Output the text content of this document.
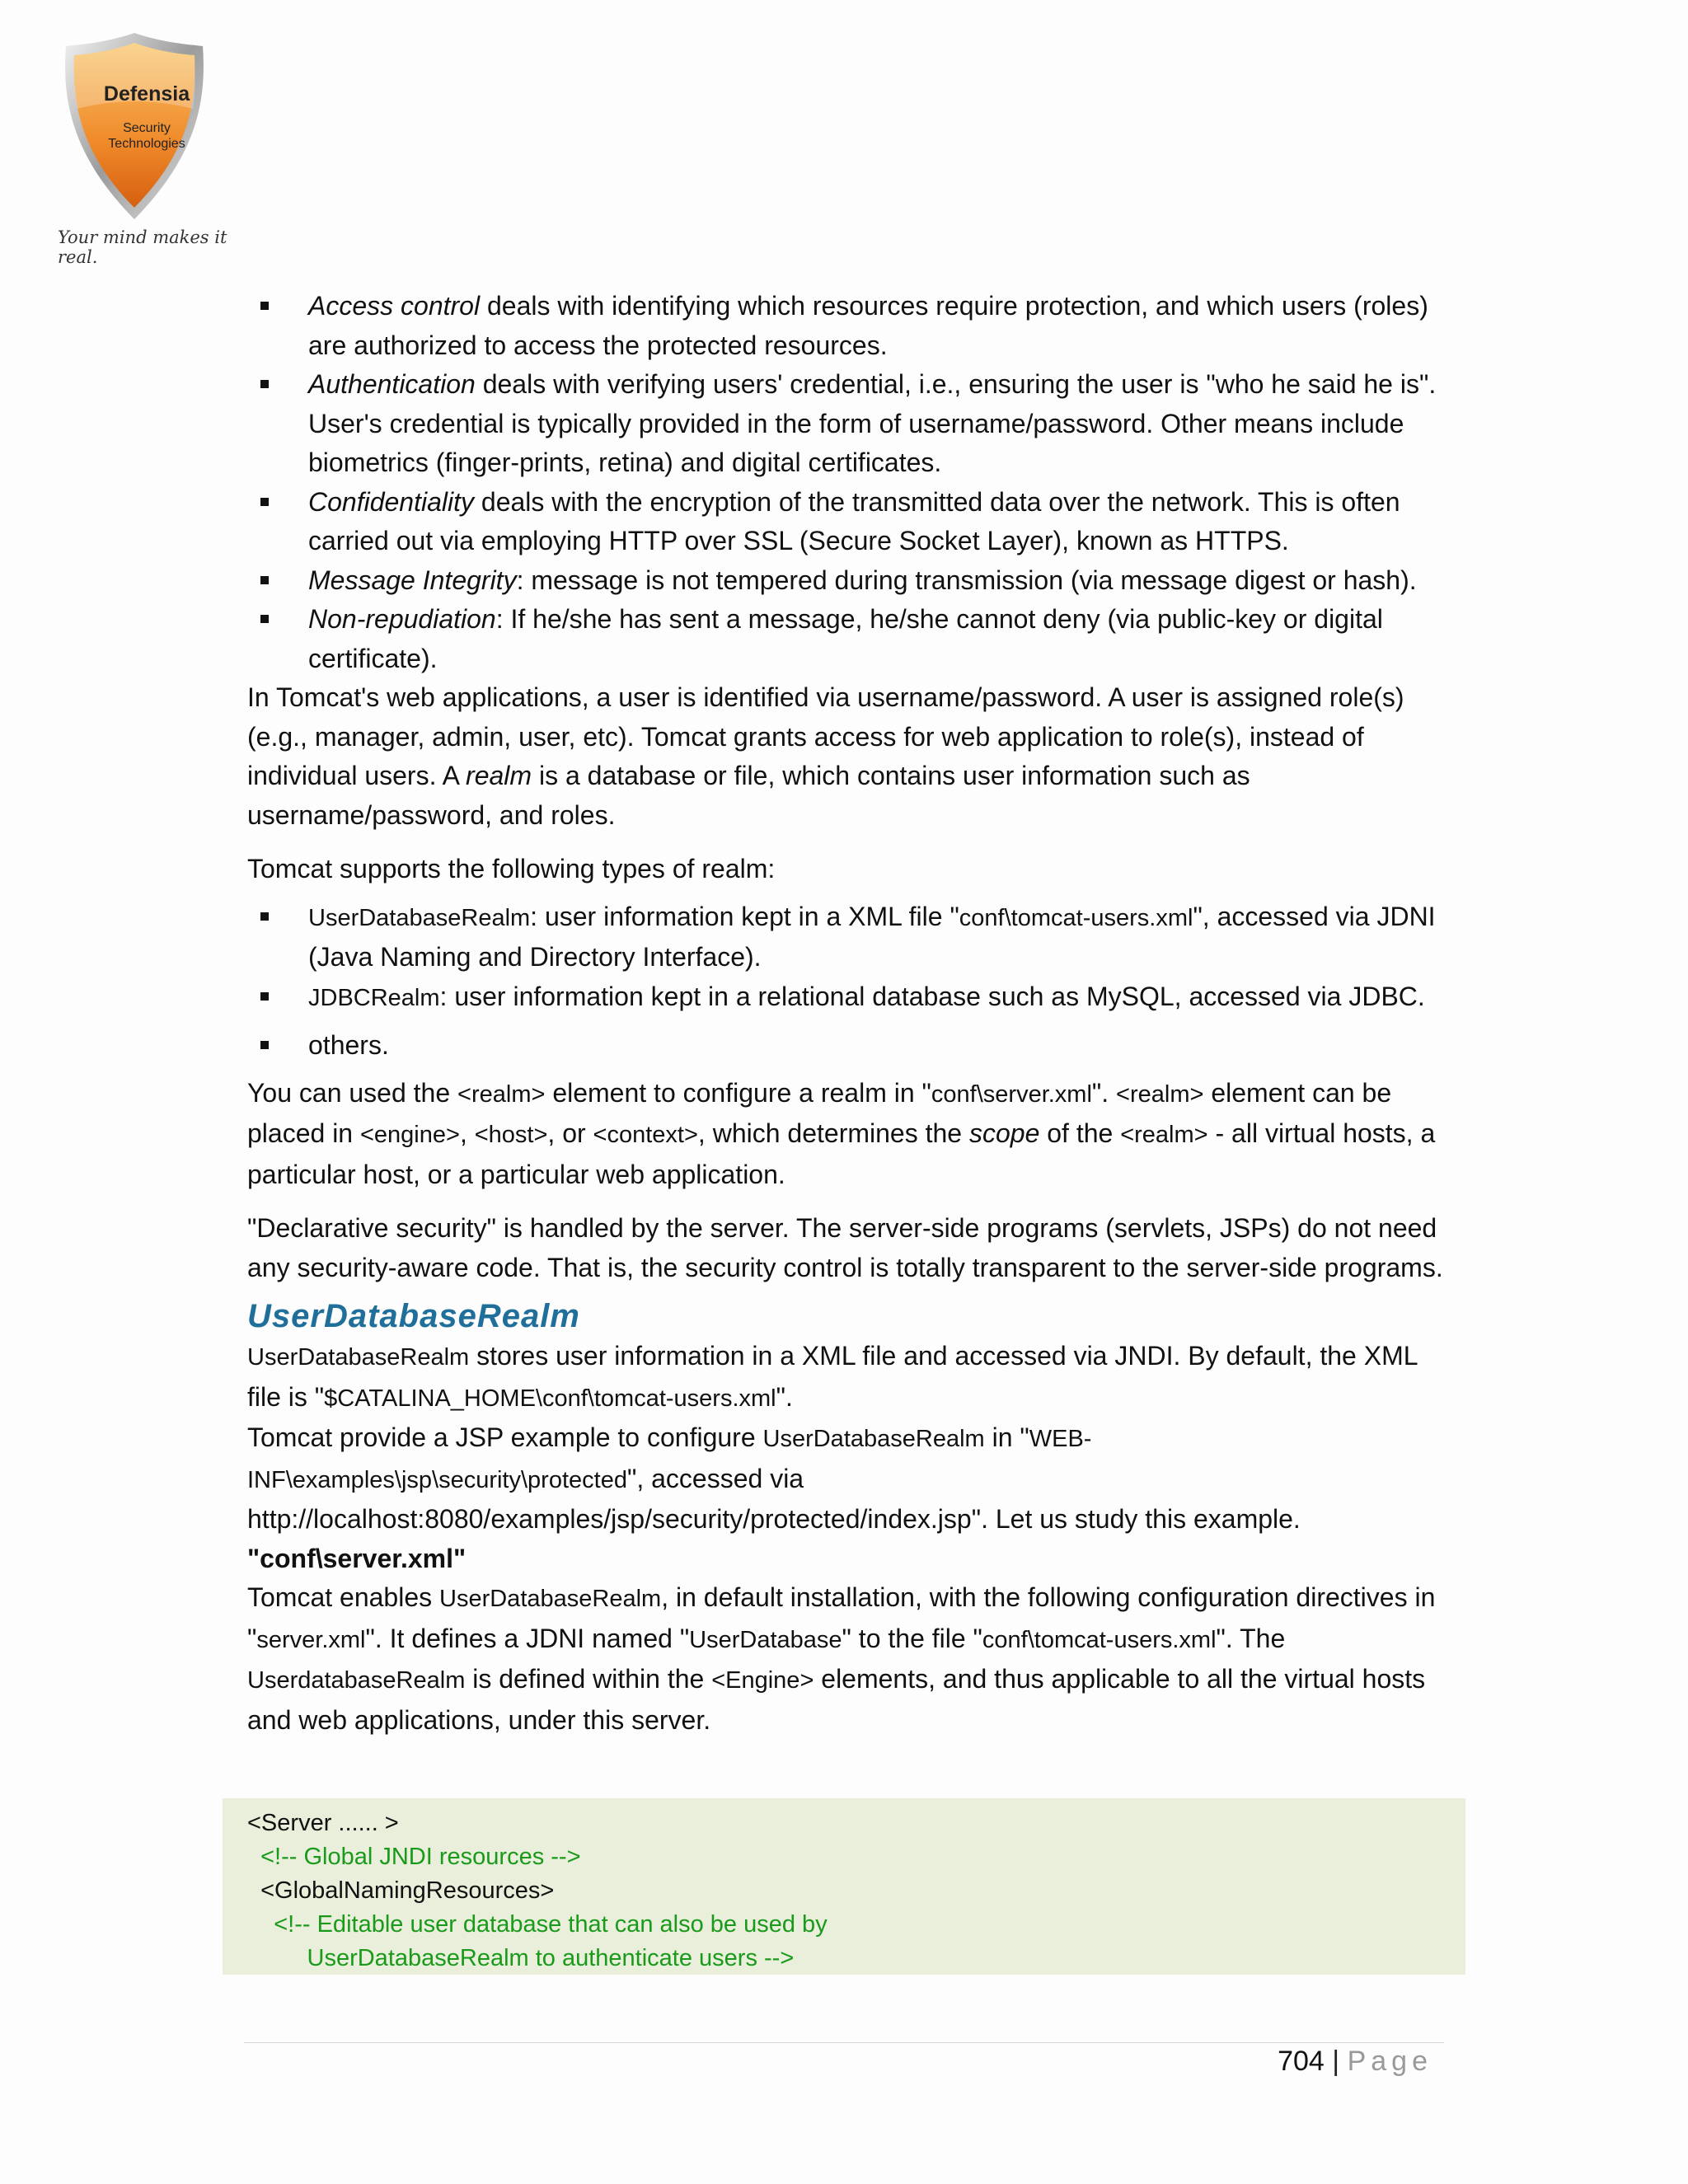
Defensia
Security
Technologies
Your mind makes it real.
Access control deals with identifying which resources require protection, and which users (roles) are authorized to access the protected resources.
Authentication deals with verifying users' credential, i.e., ensuring the user is "who he said he is". User's credential is typically provided in the form of username/password. Other means include biometrics (finger-prints, retina) and digital certificates.
Confidentiality deals with the encryption of the transmitted data over the network. This is often carried out via employing HTTP over SSL (Secure Socket Layer), known as HTTPS.
Message Integrity: message is not tempered during transmission (via message digest or hash).
Non-repudiation: If he/she has sent a message, he/she cannot deny (via public-key or digital certificate).

In Tomcat's web applications, a user is identified via username/password. A user is assigned role(s) (e.g., manager, admin, user, etc). Tomcat grants access for web application to role(s), instead of individual users. A realm is a database or file, which contains user information such as username/password, and roles.

Tomcat supports the following types of realm:

UserDatabaseRealm: user information kept in a XML file "conf\tomcat-users.xml", accessed via JDNI (Java Naming and Directory Interface).
JDBCRealm: user information kept in a relational database such as MySQL, accessed via JDBC.
others.

You can used the <realm> element to configure a realm in "conf\server.xml". <realm> element can be placed in <engine>, <host>, or <context>, which determines the scope of the <realm> - all virtual hosts, a particular host, or a particular web application.

"Declarative security" is handled by the server. The server-side programs (servlets, JSPs) do not need any security-aware code. That is, the security control is totally transparent to the server-side programs.

UserDatabaseRealm

UserDatabaseRealm stores user information in a XML file and accessed via JNDI. By default, the XML file is "$CATALINA_HOME\conf\tomcat-users.xml".

Tomcat provide a JSP example to configure UserDatabaseRealm in "WEB-INF\examples\jsp\security\protected", accessed via http://localhost:8080/examples/jsp/security/protected/index.jsp". Let us study this example.

"conf\server.xml"

Tomcat enables UserDatabaseRealm, in default installation, with the following configuration directives in "server.xml". It defines a JDNI named "UserDatabase" to the file "conf\tomcat-users.xml". The UserdatabaseRealm is defined within the <Engine> elements, and thus applicable to all the virtual hosts and web applications, under this server.

<Server ...... >
<!-- Global JNDI resources -->
<GlobalNamingResources>
<!-- Editable user database that can also be used by
UserDatabaseRealm to authenticate users -->
704 | Page
